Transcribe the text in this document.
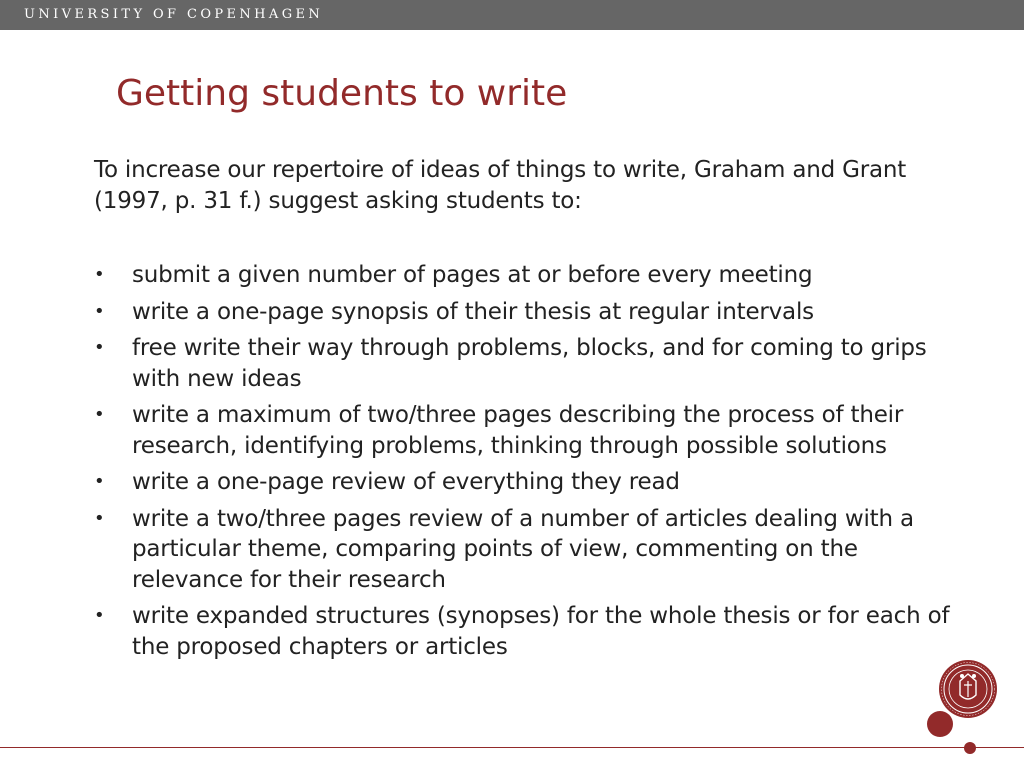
UNIVERSITY OF COPENHAGEN
Getting students to write

To increase our repertoire of ideas of things to write, Graham and Grant (1997, p. 31 f.) suggest asking students to:

• submit a given number of pages at or before every meeting
• write a one-page synopsis of their thesis at regular intervals
• free write their way through problems, blocks, and for coming to grips with new ideas
• write a maximum of two/three pages describing the process of their research, identifying problems, thinking through possible solutions
• write a one-page review of everything they read
• write a two/three pages review of a number of articles dealing with a particular theme, comparing points of view, commenting on the relevance for their research
• write expanded structures (synopses) for the whole thesis or for each of the proposed chapters or articles
